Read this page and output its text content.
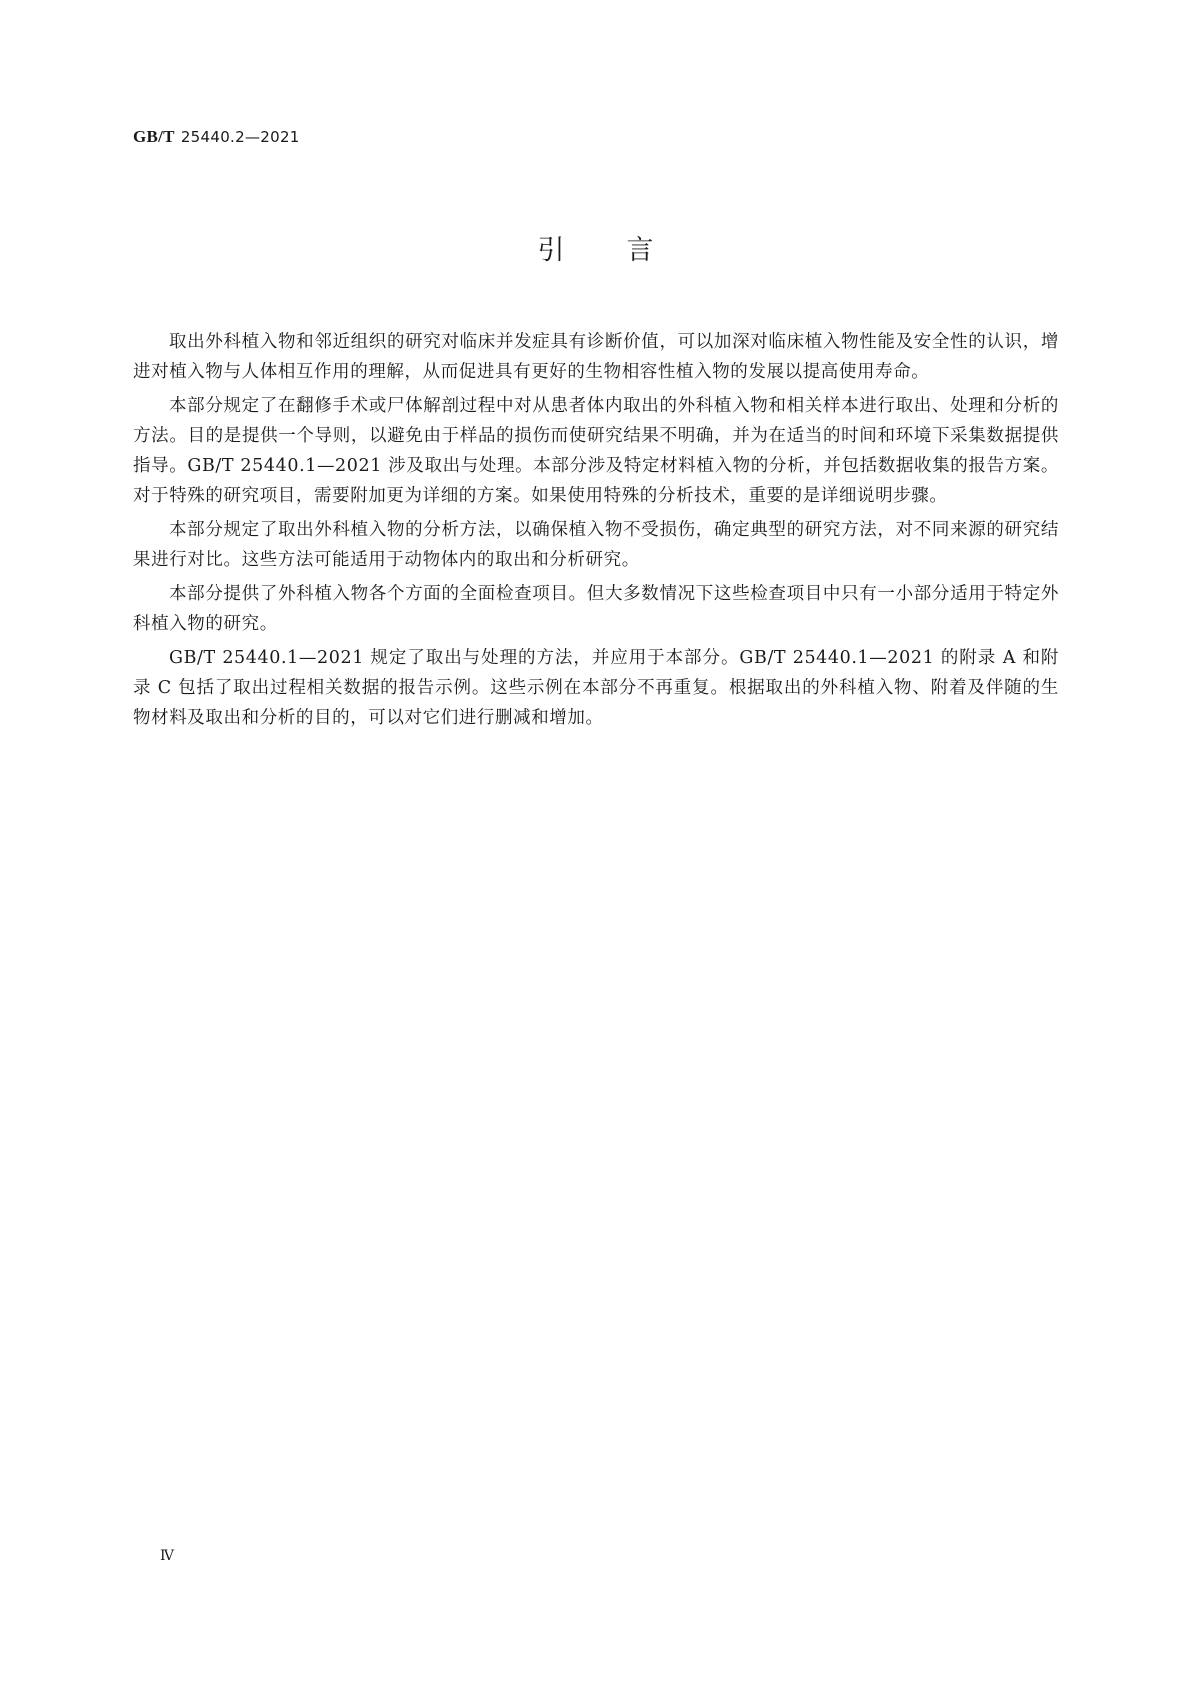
GB/T 25440.2—2021
引言

取出外科植入物和邻近组织的研究对临床并发症具有诊断价值，可以加深对临床植入物性能及安全性的认识，增进对植入物与人体相互作用的理解，从而促进具有更好的生物相容性植入物的发展以提高使用寿命。

本部分规定了在翻修手术或尸体解剖过程中对从患者体内取出的外科植入物和相关样本进行取出、处理和分析的方法。目的是提供一个导则，以避免由于样品的损伤而使研究结果不明确，并为在适当的时间和环境下采集数据提供指导。GB/T 25440.1—2021 涉及取出与处理。本部分涉及特定材料植入物的分析，并包括数据收集的报告方案。对于特殊的研究项目，需要附加更为详细的方案。如果使用特殊的分析技术，重要的是详细说明步骤。

本部分规定了取出外科植入物的分析方法，以确保植入物不受损伤，确定典型的研究方法，对不同来源的研究结果进行对比。这些方法可能适用于动物体内的取出和分析研究。

本部分提供了外科植入物各个方面的全面检查项目。但大多数情况下这些检查项目中只有一小部分适用于特定外科植入物的研究。

GB/T 25440.1—2021 规定了取出与处理的方法，并应用于本部分。GB/T 25440.1—2021 的附录 A 和附录 C 包括了取出过程相关数据的报告示例。这些示例在本部分不再重复。根据取出的外科植入物、附着及伴随的生物材料及取出和分析的目的，可以对它们进行删减和增加。

Ⅳ
